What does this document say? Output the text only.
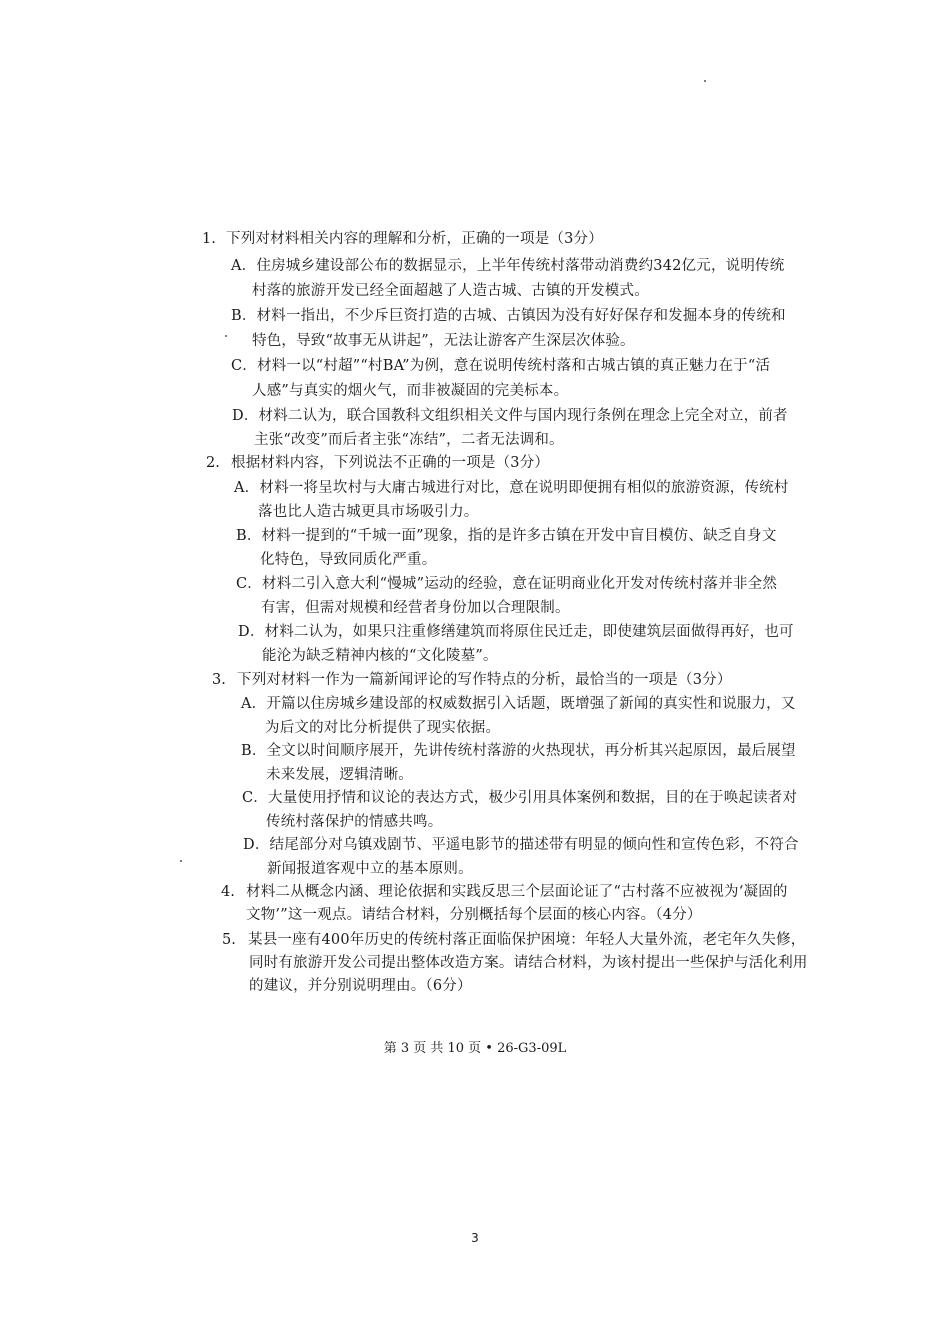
1. 下列对材料相关内容的理解和分析，正确的一项是（3分）
A．住房城乡建设部公布的数据显示，上半年传统村落带动消费约342亿元，说明传统
村落的旅游开发已经全面超越了人造古城、古镇的开发模式。
B．材料一指出，不少斥巨资打造的古城、古镇因为没有好好保存和发掘本身的传统和
特色，导致“故事无从讲起”，无法让游客产生深层次体验。
C．材料一以“村超”“村BA”为例，意在说明传统村落和古城古镇的真正魅力在于“活
人感”与真实的烟火气，而非被凝固的完美标本。
D．材料二认为，联合国教科文组织相关文件与国内现行条例在理念上完全对立，前者
主张“改变”而后者主张“冻结”，二者无法调和。
2. 根据材料内容，下列说法不正确的一项是（3分）
A．材料一将呈坎村与大庸古城进行对比，意在说明即便拥有相似的旅游资源，传统村
落也比人造古城更具市场吸引力。
B．材料一提到的“千城一面”现象，指的是许多古镇在开发中盲目模仿、缺乏自身文
化特色，导致同质化严重。
C．材料二引入意大利“慢城”运动的经验，意在证明商业化开发对传统村落并非全然
有害，但需对规模和经营者身份加以合理限制。
D．材料二认为，如果只注重修缮建筑而将原住民迁走，即使建筑层面做得再好，也可
能沦为缺乏精神内核的“文化陵墓”。
3. 下列对材料一作为一篇新闻评论的写作特点的分析，最恰当的一项是（3分）
A．开篇以住房城乡建设部的权威数据引入话题，既增强了新闻的真实性和说服力，又
为后文的对比分析提供了现实依据。
B．全文以时间顺序展开，先讲传统村落游的火热现状，再分析其兴起原因，最后展望
未来发展，逻辑清晰。
C．大量使用抒情和议论的表达方式，极少引用具体案例和数据，目的在于唤起读者对
传统村落保护的情感共鸣。
D．结尾部分对乌镇戏剧节、平遥电影节的描述带有明显的倾向性和宣传色彩，不符合
新闻报道客观中立的基本原则。
4. 材料二从概念内涵、理论依据和实践反思三个层面论证了“古村落不应被视为‘凝固的
文物’”这一观点。请结合材料，分别概括每个层面的核心内容。（4分）
5. 某县一座有400年历史的传统村落正面临保护困境：年轻人大量外流，老宅年久失修，
同时有旅游开发公司提出整体改造方案。请结合材料，为该村提出一些保护与活化利用
的建议，并分别说明理由。（6分）
第 3 页 共 10 页 • 26-G3-09L
3
